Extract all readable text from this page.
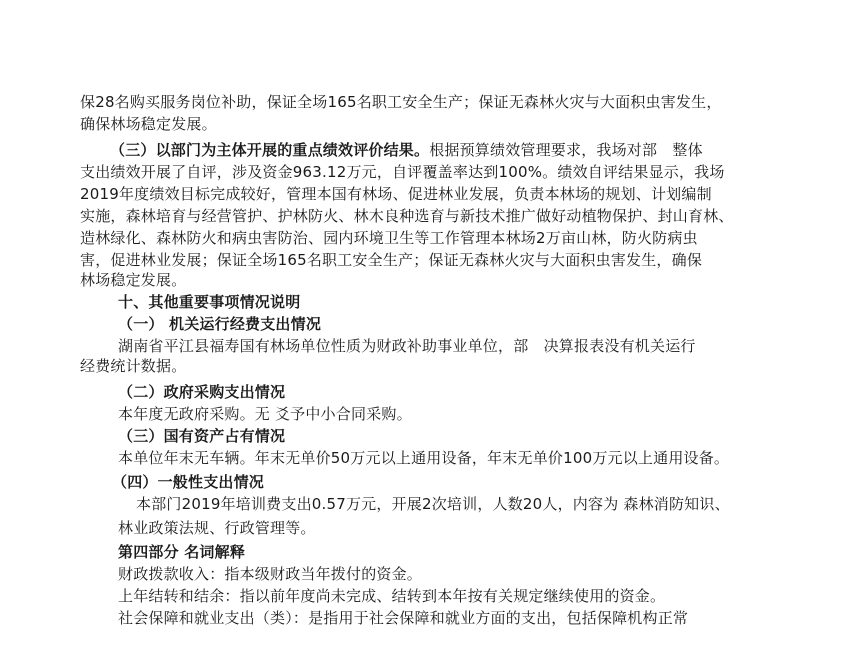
保28名购买服务岗位补助，保证全场165名职工安全生产；保证无森林火灾与大面积虫害发生，
确保林场稳定发展。
（三）以部门为主体开展的重点绩效评价结果。根据预算绩效管理要求，我场对部　整体
支出绩效开展了自评，涉及资金963.12万元，自评覆盖率达到100%。绩效自评结果显示，我场
2019年度绩效目标完成较好，管理本国有林场、促进林业发展，负责本林场的规划、计划编制
实施，森林培育与经营管护、护林防火、林木良种选育与新技术推广做好动植物保护、封山育林、
造林绿化、森林防火和病虫害防治、园内环境卫生等工作管理本林场2万亩山林，防火防病虫
害，促进林业发展；保证全场165名职工安全生产；保证无森林火灾与大面积虫害发生，确保
林场稳定发展。
十、其他重要事项情况说明
（一） 机关运行经费支出情况
湖南省平江县福寿国有林场单位性质为财政补助事业单位，部　决算报表没有机关运行
经费统计数据。
（二）政府采购支出情况
本年度无政府采购。无 爻予中小合同采购。
（三）国有资产占有情况
本单位年末无车辆。年末无单价50万元以上通用设备，年末无单价100万元以上通用设备。
（四）一般性支出情况
本部门2019年培训费支出0.57万元，开展2次培训，人数20人，内容为 森林消防知识、
林业政策法规、行政管理等。
第四部分 名词解释
财政拨款收入：指本级财政当年拨付的资金。
上年结转和结余：指以前年度尚未完成、结转到本年按有关规定继续使用的资金。
社会保障和就业支出（类）：是指用于社会保障和就业方面的支出，包括保障机构正常
